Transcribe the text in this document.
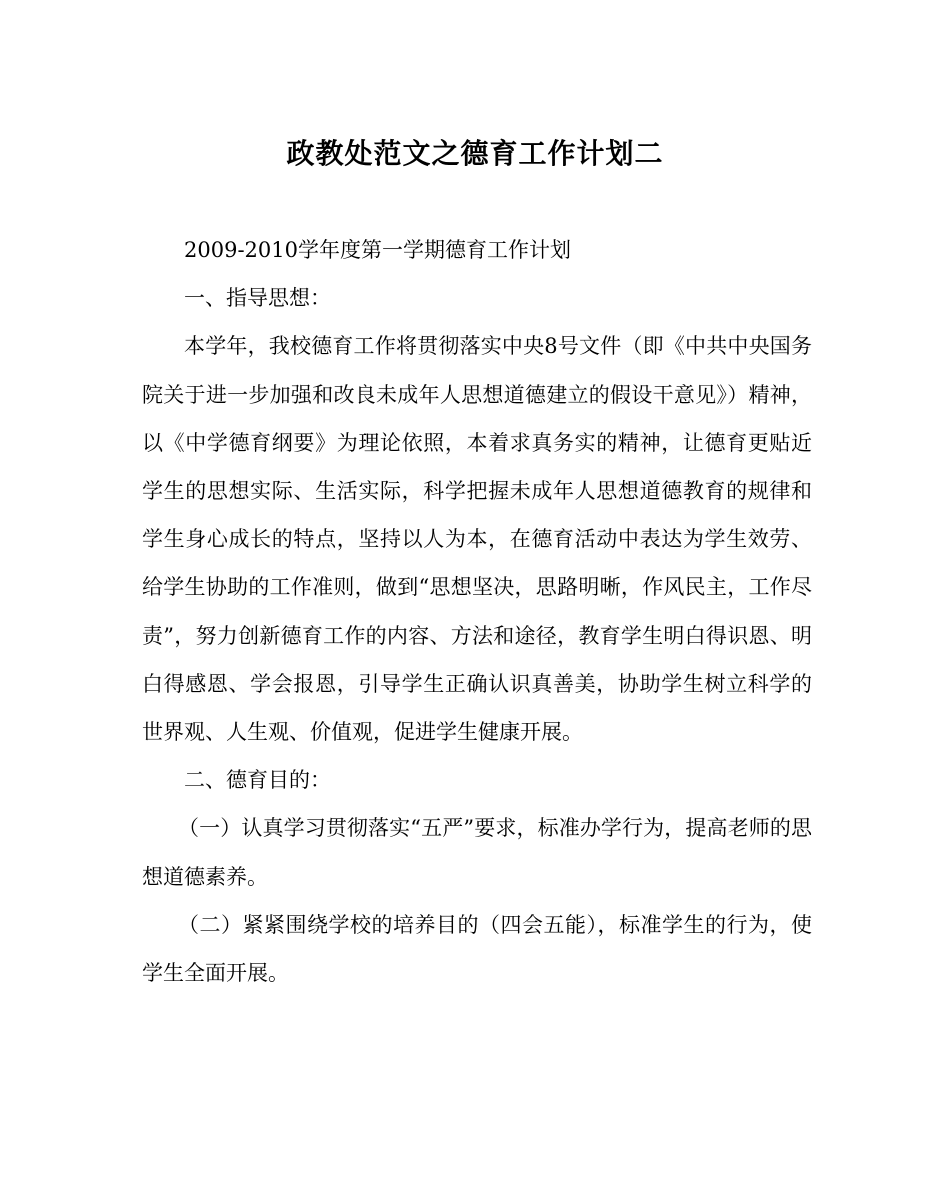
政教处范文之德育工作计划二

2009-2010学年度第一学期德育工作计划

一、指导思想：

本学年，我校德育工作将贯彻落实中央8号文件（即《中共中央国务院关于进一步加强和改良未成年人思想道德建立的假设干意见》）精神，以《中学德育纲要》为理论依照，本着求真务实的精神，让德育更贴近学生的思想实际、生活实际，科学把握未成年人思想道德教育的规律和学生身心成长的特点，坚持以人为本，在德育活动中表达为学生效劳、给学生协助的工作准则，做到“思想坚决，思路明晰，作风民主，工作尽责”，努力创新德育工作的内容、方法和途径，教育学生明白得识恩、明白得感恩、学会报恩，引导学生正确认识真善美，协助学生树立科学的世界观、人生观、价值观，促进学生健康开展。

二、德育目的：

（一）认真学习贯彻落实“五严”要求，标准办学行为，提高老师的思想道德素养。

（二）紧紧围绕学校的培养目的（四会五能），标准学生的行为，使学生全面开展。
